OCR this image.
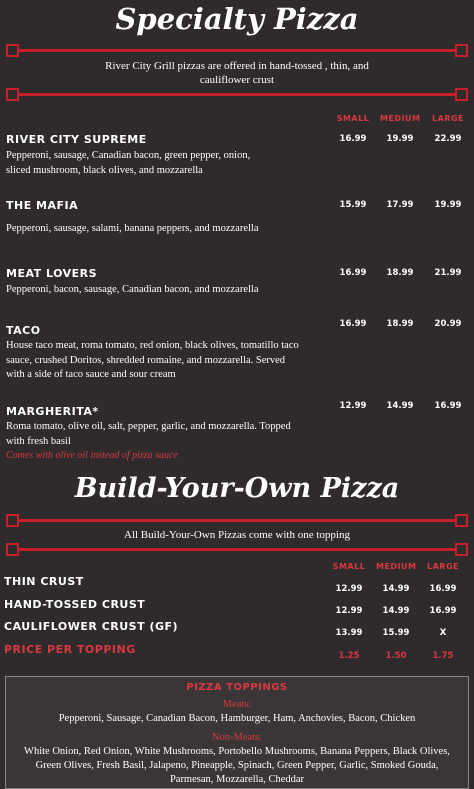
Specialty Pizza
River City Grill pizzas are offered in hand-tossed , thin, and
cauliflower crust
SMALL	MEDIUM	LARGE
RIVER CITY SUPREME
Pepperoni, sausage, Canadian bacon, green pepper, onion,
sliced mushroom, black olives, and mozzarella
16.99	19.99	22.99
THE MAFIA
Pepperoni, sausage, salami, banana peppers, and mozzarella
15.99	17.99	19.99
MEAT LOVERS
Pepperoni, bacon, sausage, Canadian bacon, and mozzarella
16.99	18.99	21.99
TACO
House taco meat, roma tomato, red onion, black olives, tomatillo taco
sauce, crushed Doritos, shredded romaine, and mozzarella. Served
with a side of taco sauce and sour cream
16.99	18.99	20.99
MARGHERITA*
Roma tomato, olive oil, salt, pepper, garlic, and mozzarella. Topped
with fresh basil
Comes with olive oil instead of pizza sauce
12.99	14.99	16.99
Build-Your-Own Pizza
All Build-Your-Own Pizzas come with one topping
SMALL	MEDIUM	LARGE
THIN CRUST
12.99	14.99	16.99
HAND-TOSSED CRUST	12.99	14.99	16.99
CAULIFLOWER CRUST (GF)	13.99	15.99	X
PRICE PER TOPPING	1.25	1.50	1.75
PIZZA TOPPINGS
Meats:
Pepperoni, Sausage, Canadian Bacon, Hamburger, Ham, Anchovies, Bacon, Chicken
Non-Meats:
White Onion, Red Onion, White Mushrooms, Portobello Mushrooms, Banana Peppers, Black Olives,
Green Olives, Fresh Basil, Jalapeno, Pineapple, Spinach, Green Pepper, Garlic, Smoked Gouda,
Parmesan, Mozzarella, Cheddar
